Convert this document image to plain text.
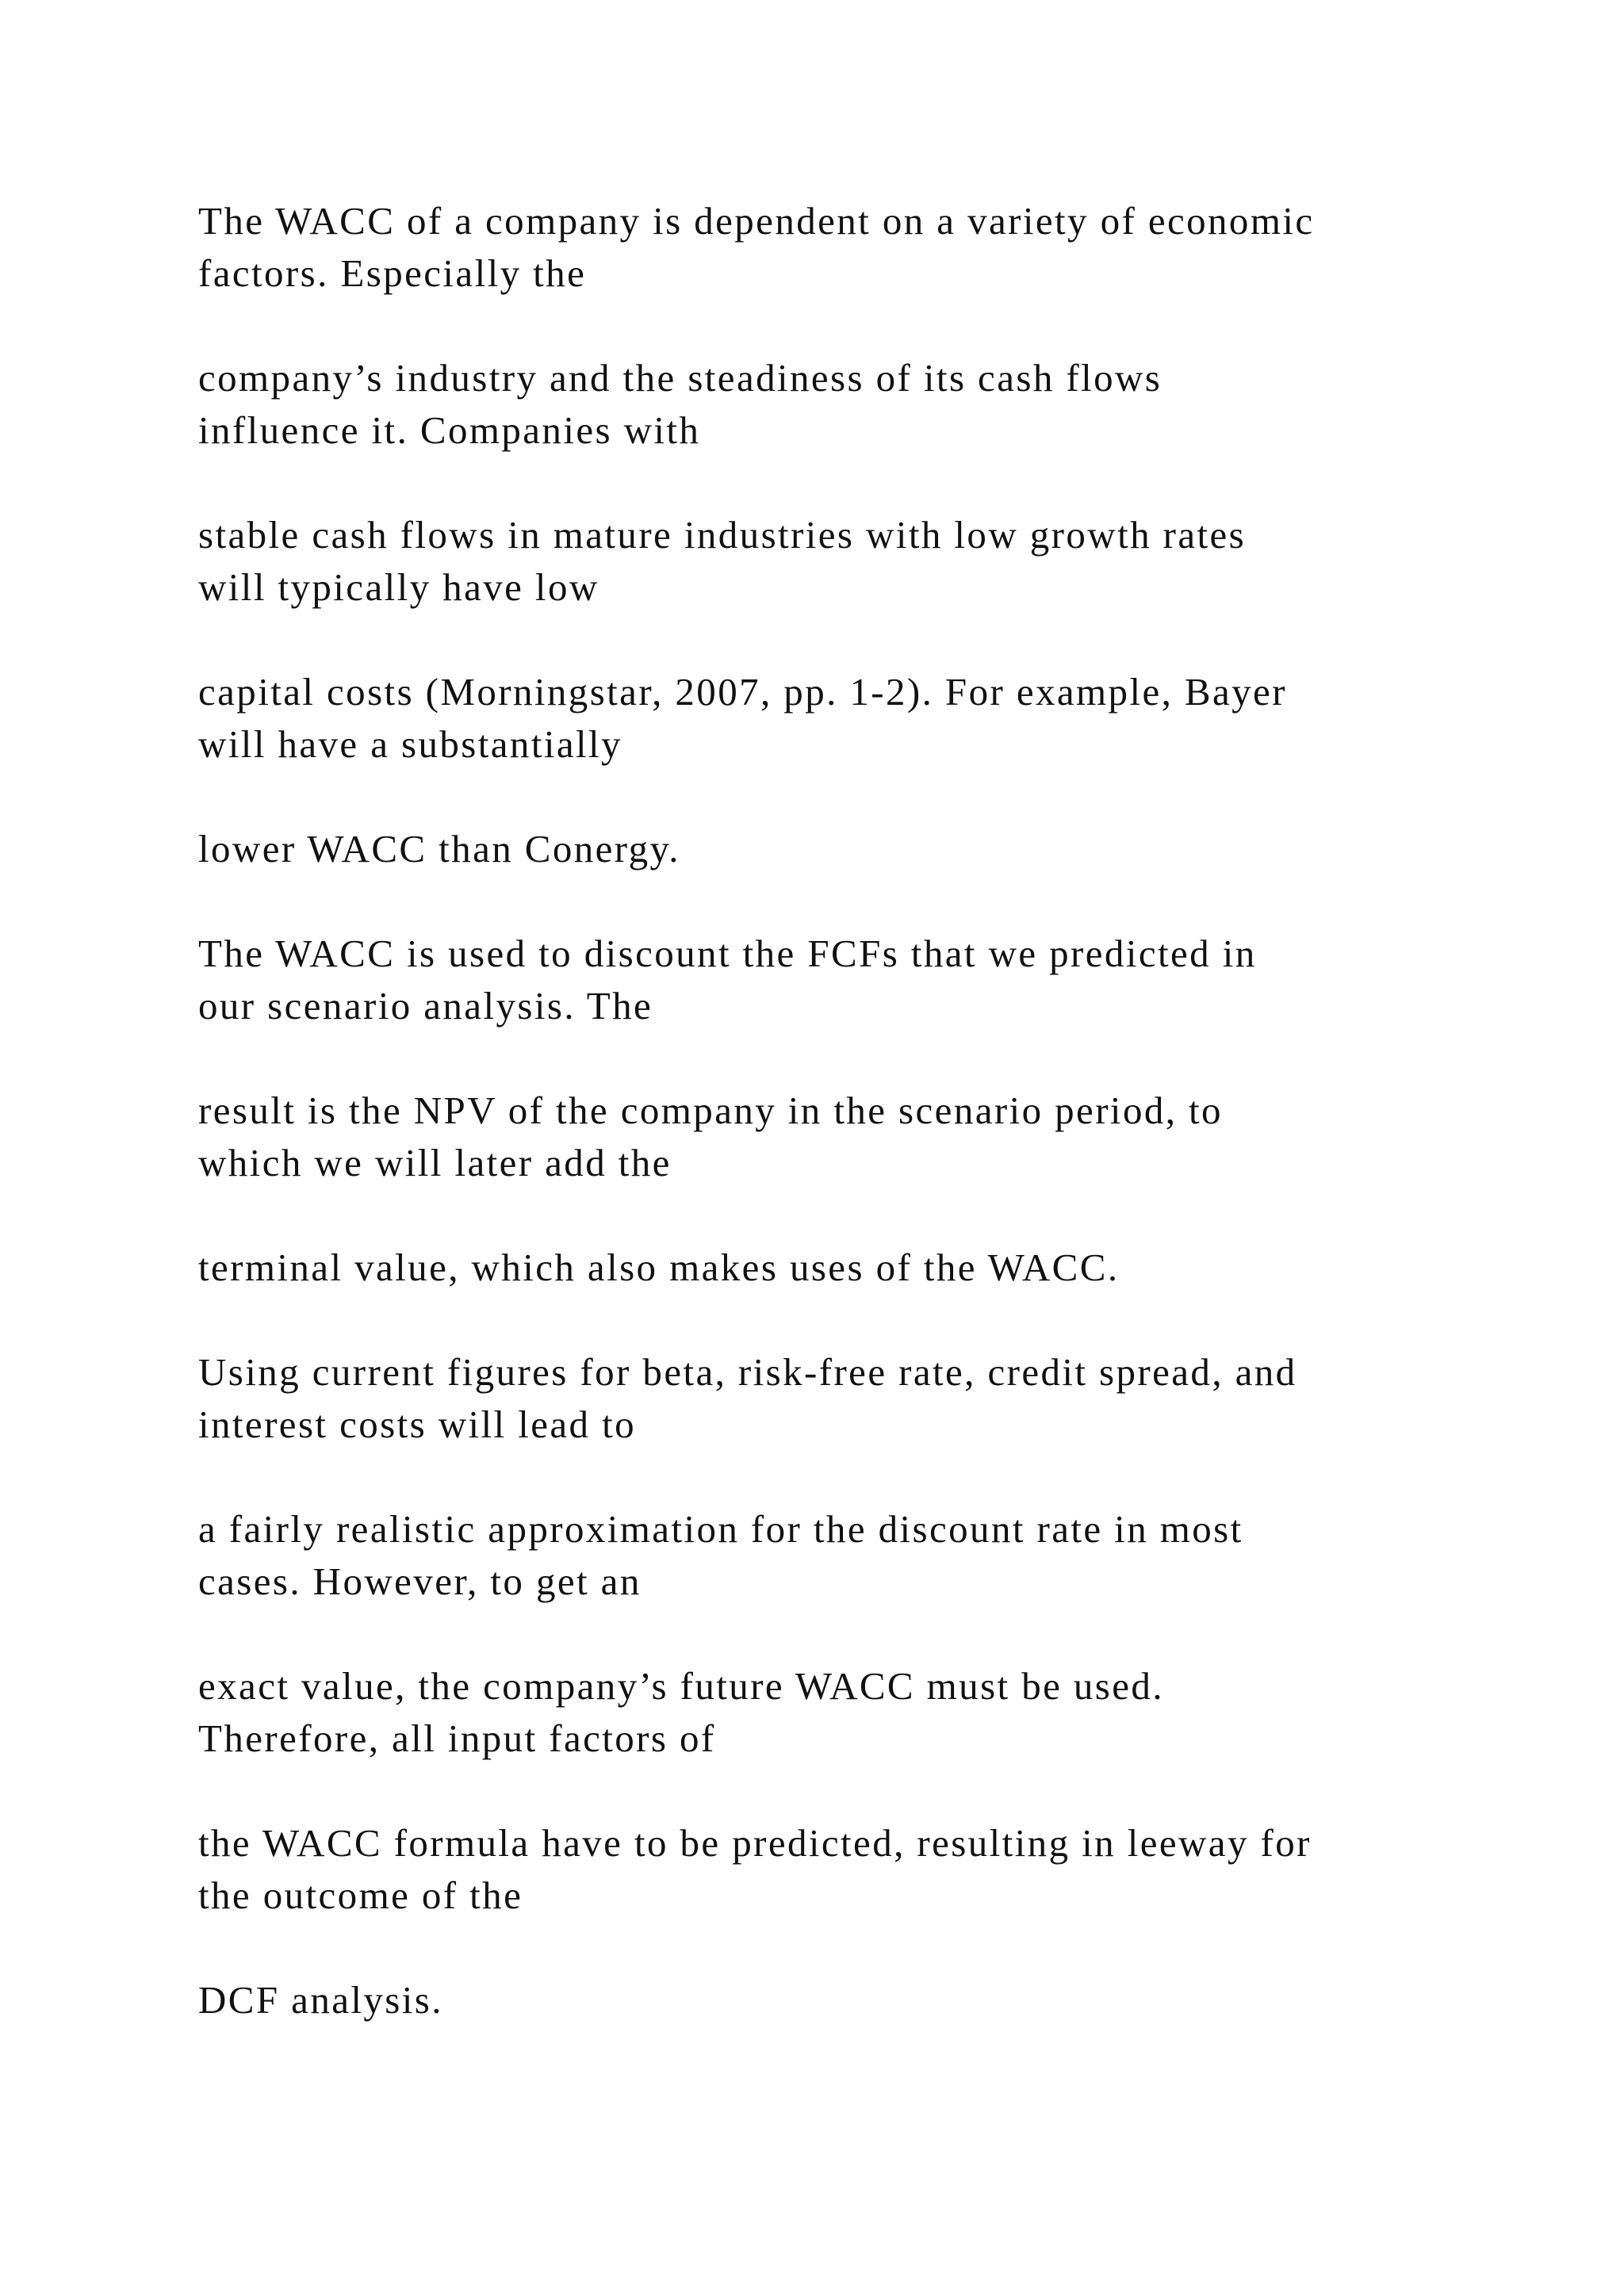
The WACC of a company is dependent on a variety of economic
factors. Especially the

company’s industry and the steadiness of its cash flows
influence it. Companies with

stable cash flows in mature industries with low growth rates
will typically have low

capital costs (Morningstar, 2007, pp. 1-2). For example, Bayer
will have a substantially

lower WACC than Conergy.

The WACC is used to discount the FCFs that we predicted in
our scenario analysis. The

result is the NPV of the company in the scenario period, to
which we will later add the

terminal value, which also makes uses of the WACC.

Using current figures for beta, risk-free rate, credit spread, and
interest costs will lead to

a fairly realistic approximation for the discount rate in most
cases. However, to get an

exact value, the company’s future WACC must be used.
Therefore, all input factors of

the WACC formula have to be predicted, resulting in leeway for
the outcome of the

DCF analysis.
